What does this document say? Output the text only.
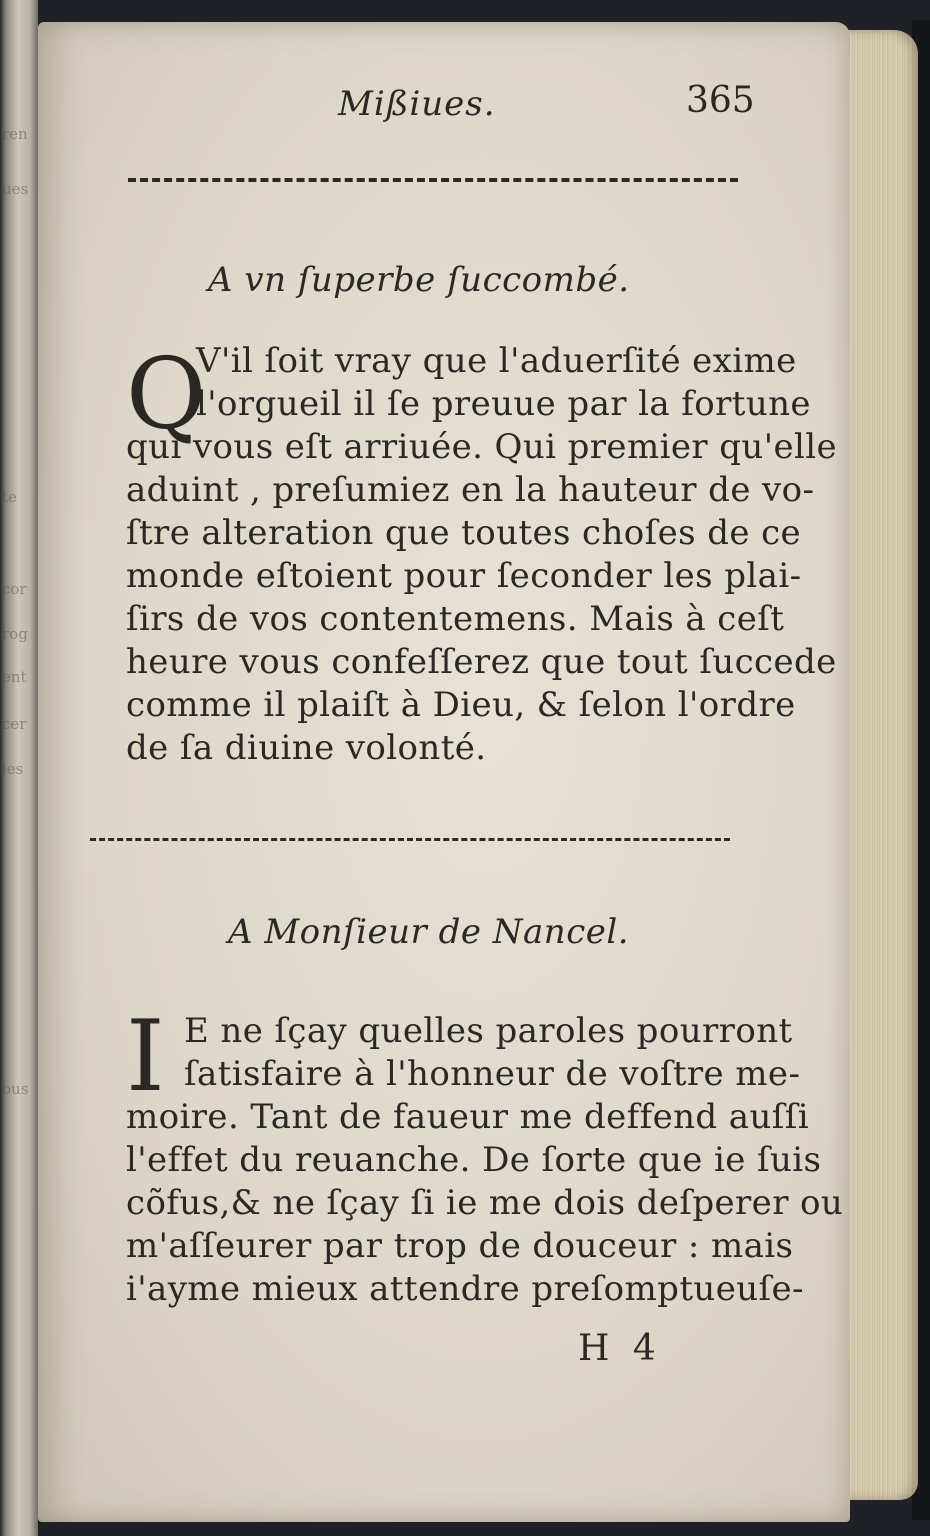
ren
ues
te
cor
rog
ent
cer
ies
ous
Mißiues.	365
A vn ſuperbe ſuccombé.
Q
V'il ſoit vray que l'aduerſité exime
l'orgueil il ſe preuue par la fortune
qui vous eſt arriuée. Qui premier qu'elle
aduint , preſumiez en la hauteur de vo-
ſtre alteration que toutes choſes de ce
monde eſtoient pour ſeconder les plai-
ſirs de vos contentemens. Mais à ceſt
heure vous confeſſerez que tout ſuccede
comme il plaiſt à Dieu, & ſelon l'ordre
de ſa diuine volonté.
A Monſieur de Nancel.
I E ne ſçay quelles paroles pourront
ſatisfaire à l'honneur de voſtre me-
moire. Tant de faueur me deffend auſſi
l'effet du reuanche. De ſorte que ie ſuis
cõfus,& ne ſçay ſi ie me dois deſperer ou
m'aſſeurer par trop de douceur : mais
i'ayme mieux attendre preſomptueuſe-
H 4
